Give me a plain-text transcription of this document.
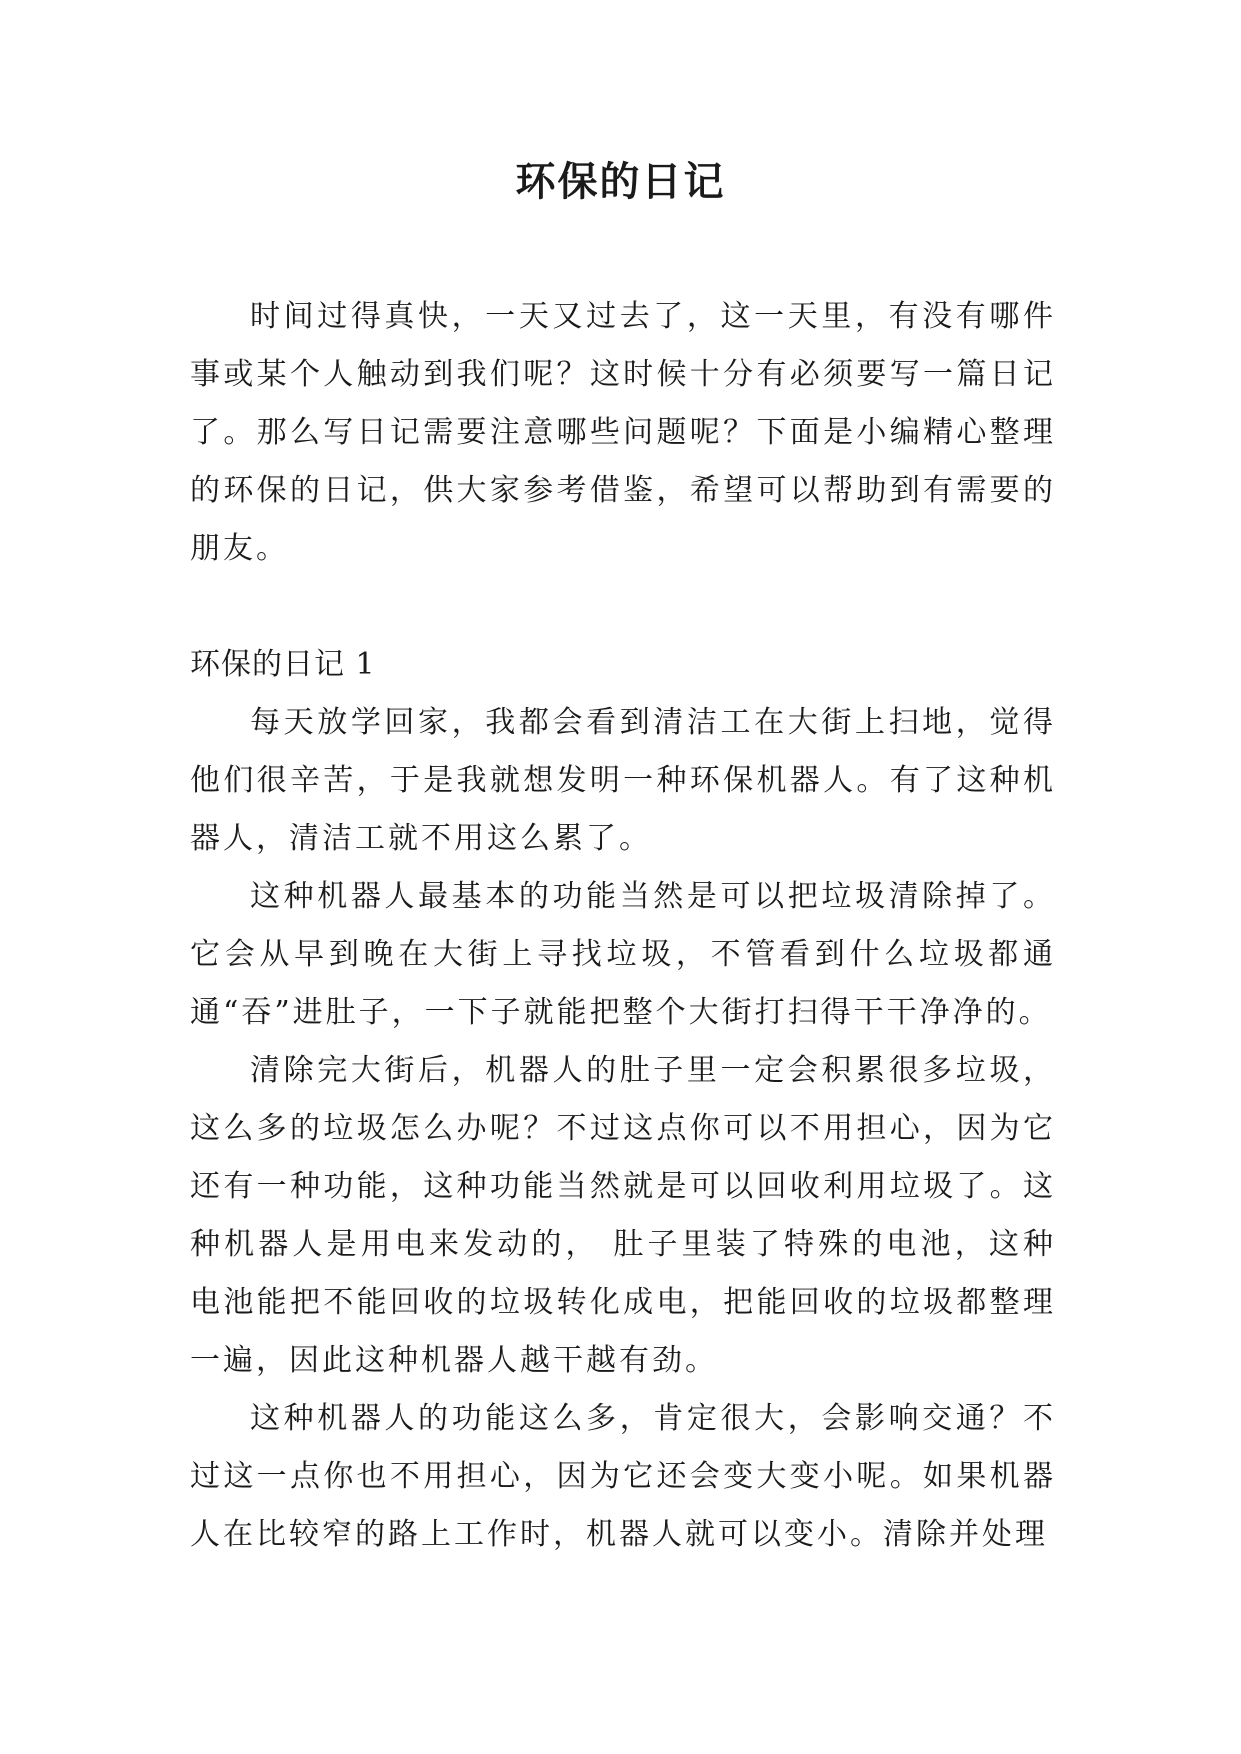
环保的日记

时间过得真快，一天又过去了，这一天里，有没有哪件事或某个人触动到我们呢？这时候十分有必须要写一篇日记了。那么写日记需要注意哪些问题呢？下面是小编精心整理的环保的日记，供大家参考借鉴，希望可以帮助到有需要的朋友。

环保的日记 1

每天放学回家，我都会看到清洁工在大街上扫地，觉得他们很辛苦，于是我就想发明一种环保机器人。有了这种机器人，清洁工就不用这么累了。

这种机器人最基本的功能当然是可以把垃圾清除掉了。它会从早到晚在大街上寻找垃圾，不管看到什么垃圾都通通“吞”进肚子，一下子就能把整个大街打扫得干干净净的。

清除完大街后，机器人的肚子里一定会积累很多垃圾，这么多的垃圾怎么办呢？不过这点你可以不用担心，因为它还有一种功能，这种功能当然就是可以回收利用垃圾了。这种机器人是用电来发动的， 肚子里装了特殊的电池，这种电池能把不能回收的垃圾转化成电，把能回收的垃圾都整理一遍，因此这种机器人越干越有劲。

这种机器人的功能这么多，肯定很大，会影响交通？不过这一点你也不用担心，因为它还会变大变小呢。如果机器人在比较窄的路上工作时，机器人就可以变小。清除并处理
